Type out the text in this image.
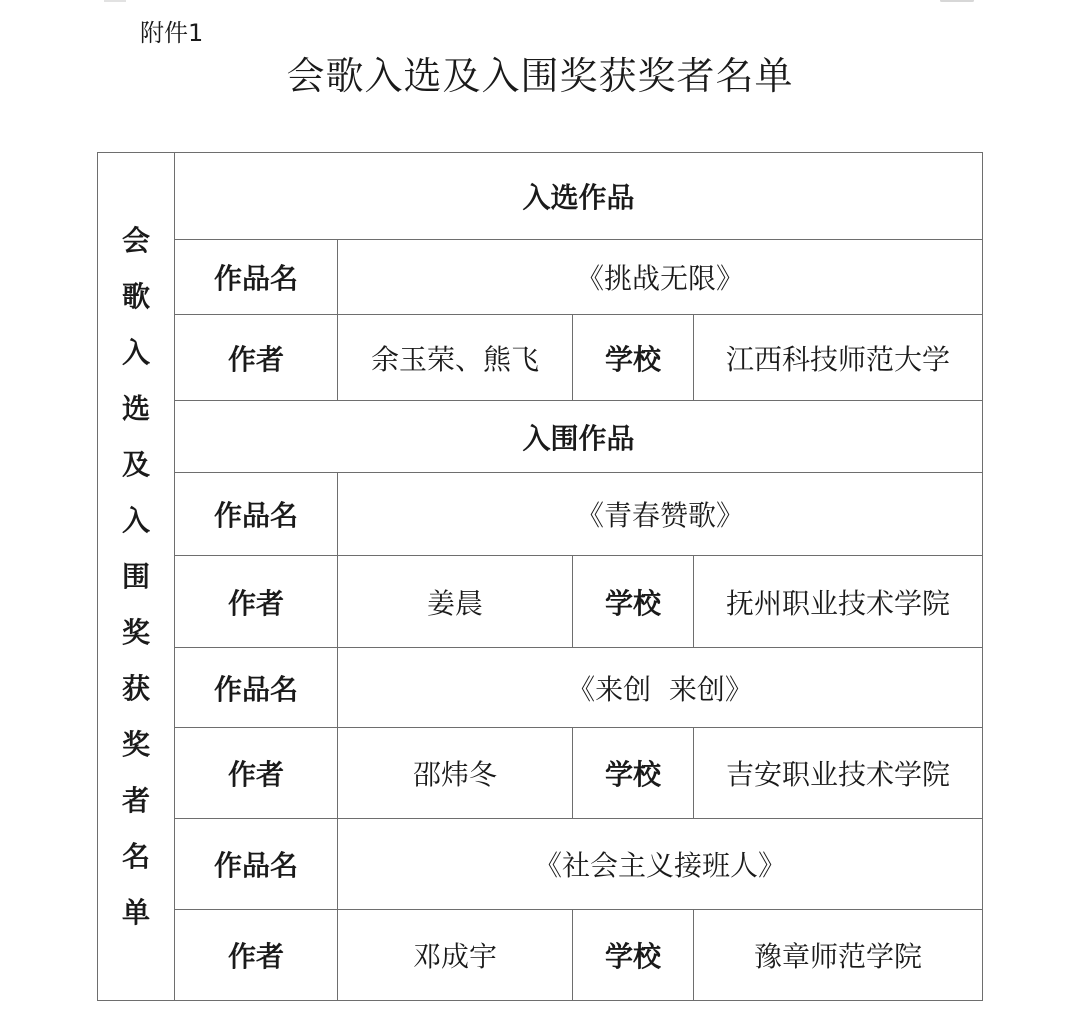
附件1
会歌入选及入围奖获奖者名单
会歌入选及入围奖获奖者名单	入选作品			
	作品名	《挑战无限》		
	作者	余玉荣、熊飞	学校	江西科技师范大学
	入围作品			
	作品名	《青春赞歌》		
	作者	姜晨	学校	抚州职业技术学院
	作品名	《来创  来创》		
	作者	邵炜冬	学校	吉安职业技术学院
	作品名	《社会主义接班人》		
	作者	邓成宇	学校	豫章师范学院
